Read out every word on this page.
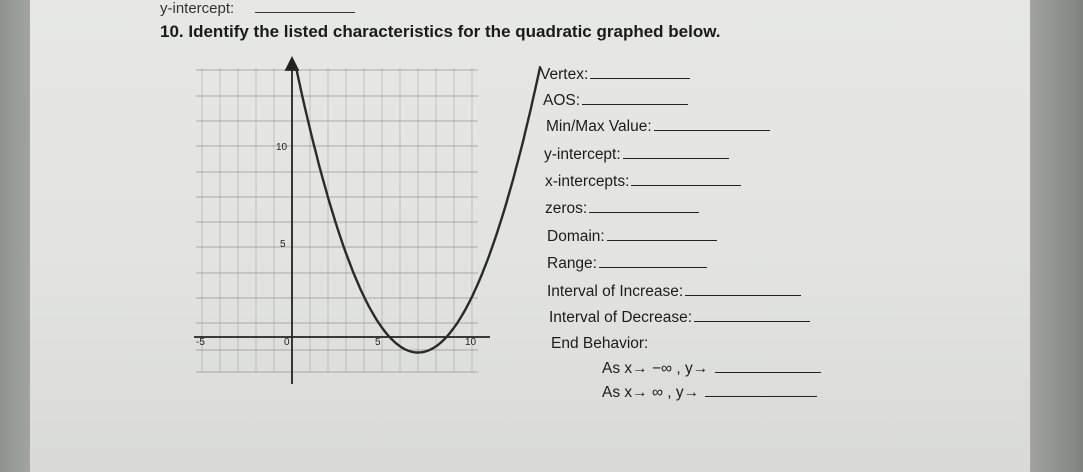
y-intercept:
10. Identify the listed characteristics for the quadratic graphed below.
-5	0	5	10
5
10
Vertex:
AOS:
Min/Max Value:
y-intercept:
x-intercepts:
zeros:
Domain:
Range:
Interval of Increase:
Interval of Decrease:
End Behavior:
As x→ −∞ , y→
As x→ ∞ , y→
